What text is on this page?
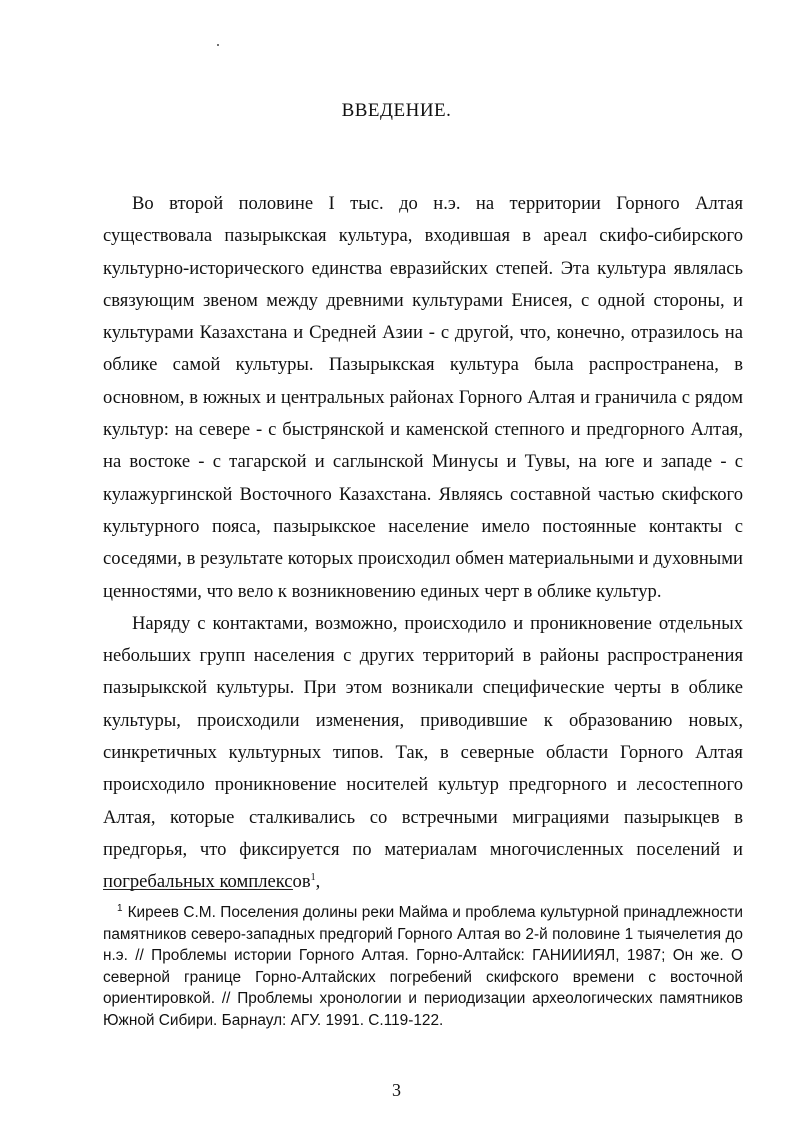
ВВЕДЕНИЕ.

Во второй половине I тыс. до н.э. на территории Горного Алтая существовала пазырыкская культура, входившая в ареал скифо-сибирского культурно-исторического единства евразийских степей. Эта культура являлась связующим звеном между древними культурами Енисея, с одной стороны, и культурами Казахстана и Средней Азии - с другой, что, конечно, отразилось на облике самой культуры. Пазырыкская культура была распространена, в основном, в южных и центральных районах Горного Алтая и граничила с рядом культур: на севере - с быстрянской и каменской степного и предгорного Алтая, на востоке - с тагарской и саглынской Минусы и Тувы, на юге и западе - с кулажургинской Восточного Казахстана. Являясь составной частью скифского культурного пояса, пазырыкское население имело постоянные контакты с соседями, в результате которых происходил обмен материальными и духовными ценностями, что вело к возникновению единых черт в облике культур.

Наряду с контактами, возможно, происходило и проникновение отдельных небольших групп населения с других территорий в районы распространения пазырыкской культуры. При этом возникали специфические черты в облике культуры, происходили изменения, приводившие к образованию новых, синкретичных культурных типов. Так, в северные области Горного Алтая происходило проникновение носителей культур предгорного и лесостепного Алтая, которые сталкивались со встречными миграциями пазырыкцев в предгорья, что фиксируется по материалам многочисленных поселений и погребальных комплексов$^1$,

$^1$ Киреев С.М. Поселения долины реки Майма и проблема культурной принадлежности памятников северо-западных предгорий Горного Алтая во 2-й половине 1 тыячелетия до н.э. // Проблемы истории Горного Алтая. Горно-Алтайск: ГАНИИИЯЛ, 1987; Он же. О северной границе Горно-Алтайских погребений скифского времени с восточной ориентировкой. // Проблемы хронологии и периодизации археологических памятников Южной Сибири. Барнаул: АГУ. 1991. С.119-122.

3
